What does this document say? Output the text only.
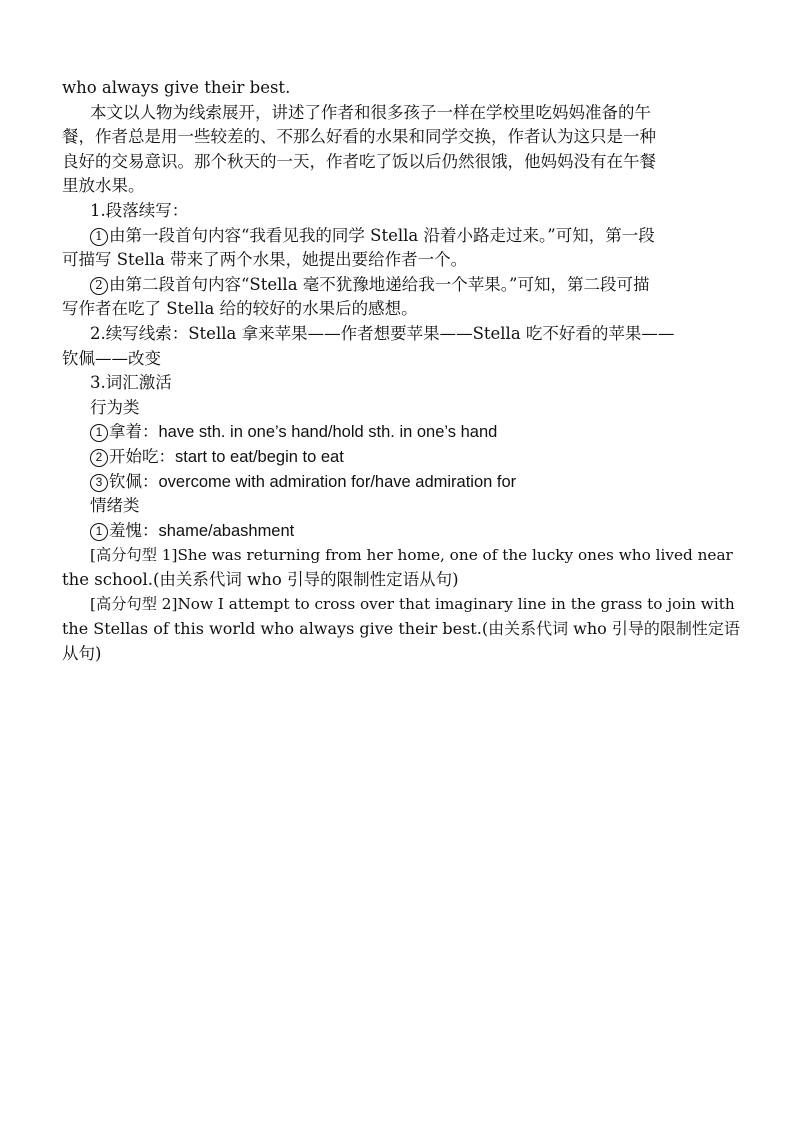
who always give their best.
本文以人物为线索展开，讲述了作者和很多孩子一样在学校里吃妈妈准备的午
餐，作者总是用一些较差的、不那么好看的水果和同学交换，作者认为这只是一种
良好的交易意识。那个秋天的一天，作者吃了饭以后仍然很饿，他妈妈没有在午餐
里放水果。
1.段落续写：
1 由第一段首句内容“我看见我的同学 Stella 沿着小路走过来。”可知，第一段
可描写 Stella 带来了两个水果，她提出要给作者一个。
2 由第二段首句内容“Stella 毫不犹豫地递给我一个苹果。”可知，第二段可描
写作者在吃了 Stella 给的较好的水果后的感想。
2.续写线索：Stella 拿来苹果——作者想要苹果——Stella 吃不好看的苹果——
钦佩——改变
3.词汇激活
行为类
1 拿着：have sth. in one’s hand/hold sth. in one’s hand
2 开始吃：start to eat/begin to eat
3 钦佩：overcome with admiration for/have admiration for
情绪类
1 羞愧：shame/abashment
[高分句型 1]She was returning from her home, one of the lucky ones who lived near
the school.(由关系代词 who 引导的限制性定语从句)
[高分句型 2]Now I attempt to cross over that imaginary line in the grass to join with
the Stellas of this world who always give their best.(由关系代词 who 引导的限制性定语
从句)
